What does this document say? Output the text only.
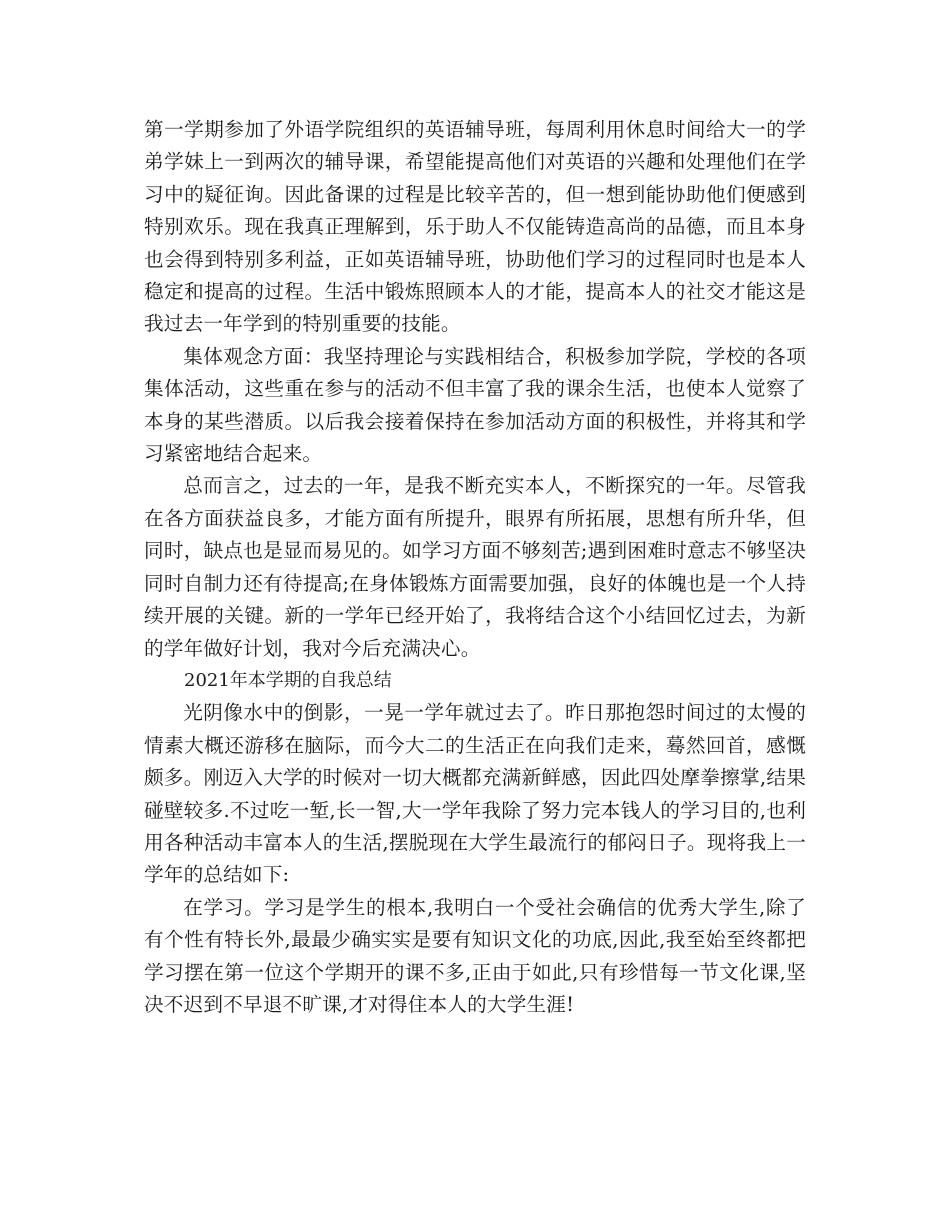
第一学期参加了外语学院组织的英语辅导班，每周利用休息时间给大一的学弟学妹上一到两次的辅导课，希望能提高他们对英语的兴趣和处理他们在学习中的疑征询。因此备课的过程是比较辛苦的，但一想到能协助他们便感到特别欢乐。现在我真正理解到，乐于助人不仅能铸造高尚的品德，而且本身也会得到特别多利益，正如英语辅导班，协助他们学习的过程同时也是本人稳定和提高的过程。生活中锻炼照顾本人的才能，提高本人的社交才能这是我过去一年学到的特别重要的技能。

集体观念方面：我坚持理论与实践相结合，积极参加学院，学校的各项集体活动，这些重在参与的活动不但丰富了我的课余生活，也使本人觉察了本身的某些潜质。以后我会接着保持在参加活动方面的积极性，并将其和学习紧密地结合起来。

总而言之，过去的一年，是我不断充实本人，不断探究的一年。尽管我在各方面获益良多，才能方面有所提升，眼界有所拓展，思想有所升华，但同时，缺点也是显而易见的。如学习方面不够刻苦;遇到困难时意志不够坚决同时自制力还有待提高;在身体锻炼方面需要加强，良好的体魄也是一个人持续开展的关键。新的一学年已经开始了，我将结合这个小结回忆过去，为新的学年做好计划，我对今后充满决心。

2021年本学期的自我总结

光阴像水中的倒影，一晃一学年就过去了。昨日那抱怨时间过的太慢的情素大概还游移在脑际，而今大二的生活正在向我们走来，蓦然回首，感慨颇多。刚迈入大学的时候对一切大概都充满新鲜感，因此四处摩拳擦掌,结果碰壁较多.不过吃一堑,长一智,大一学年我除了努力完本钱人的学习目的,也利用各种活动丰富本人的生活,摆脱现在大学生最流行的郁闷日子。现将我上一学年的总结如下:

在学习。学习是学生的根本,我明白一个受社会确信的优秀大学生,除了有个性有特长外,最最少确实实是要有知识文化的功底,因此,我至始至终都把学习摆在第一位这个学期开的课不多,正由于如此,只有珍惜每一节文化课,坚决不迟到不早退不旷课,才对得住本人的大学生涯!
